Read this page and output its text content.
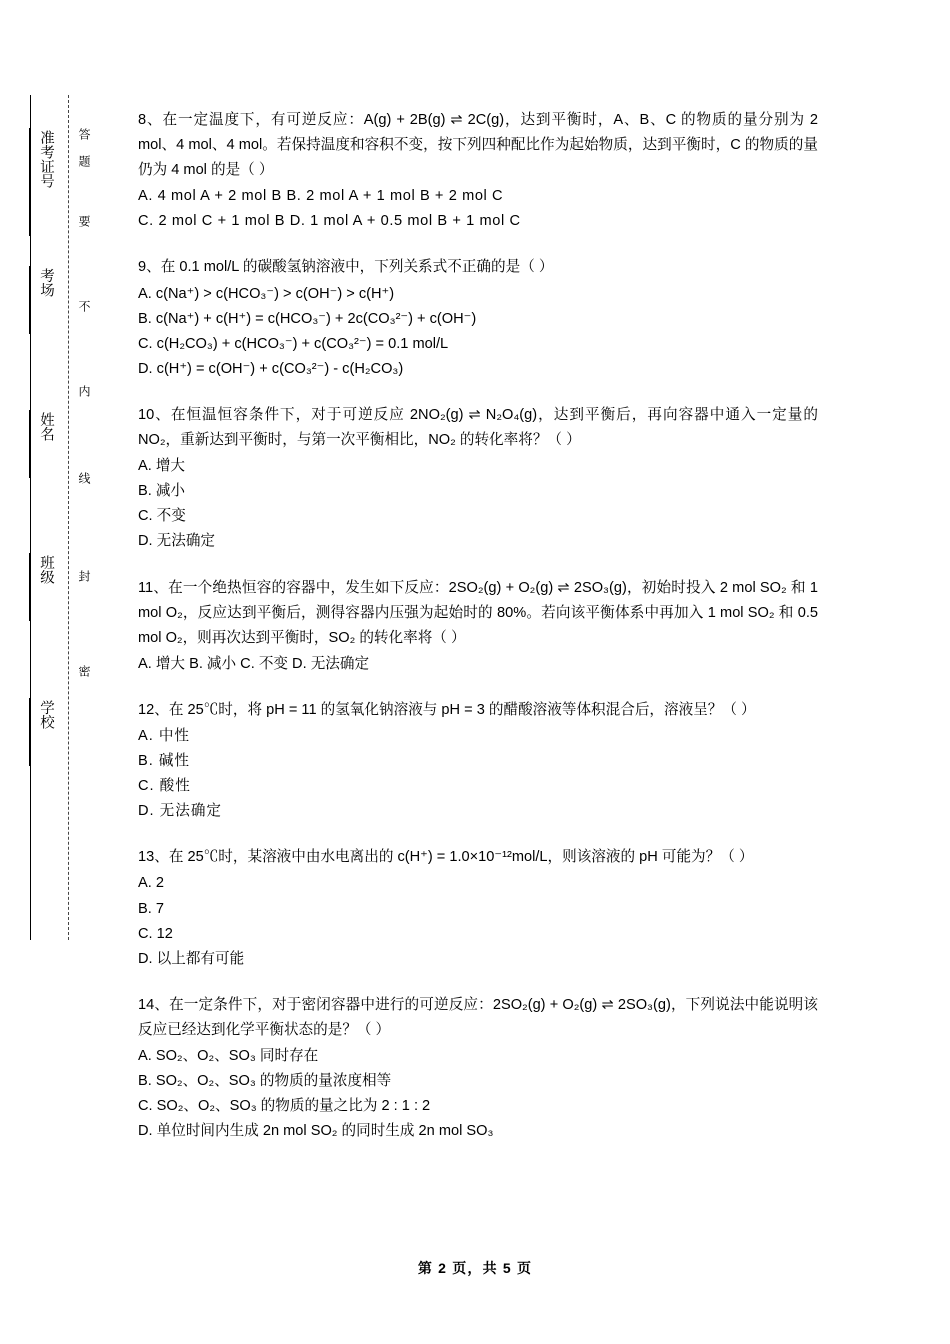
答
题
要
不
内
线
封
密
准考证号
考场
姓名
班级
学校
8、在一定温度下，有可逆反应：A(g) + 2B(g) ⇌ 2C(g)，达到平衡时，A、B、C 的物质的量分别为 2 mol、4 mol、4 mol。若保持温度和容积不变，按下列四种配比作为起始物质，达到平衡时，C 的物质的量仍为 4 mol 的是（ ）
A. 4 mol A + 2 mol B B. 2 mol A + 1 mol B + 2 mol C
C. 2 mol C + 1 mol B D. 1 mol A + 0.5 mol B + 1 mol C
9、在 0.1 mol/L 的碳酸氢钠溶液中，下列关系式不正确的是（ ）
A. c(Na⁺) > c(HCO₃⁻) > c(OH⁻) > c(H⁺)
B. c(Na⁺) + c(H⁺) = c(HCO₃⁻) + 2c(CO₃²⁻) + c(OH⁻)
C. c(H₂CO₃) + c(HCO₃⁻) + c(CO₃²⁻) = 0.1 mol/L
D. c(H⁺) = c(OH⁻) + c(CO₃²⁻) - c(H₂CO₃)
10、在恒温恒容条件下，对于可逆反应 2NO₂(g) ⇌ N₂O₄(g)，达到平衡后，再向容器中通入一定量的 NO₂，重新达到平衡时，与第一次平衡相比，NO₂ 的转化率将？（ ）
A. 增大
B. 减小
C. 不变
D. 无法确定
11、在一个绝热恒容的容器中，发生如下反应：2SO₂(g) + O₂(g) ⇌ 2SO₃(g)，初始时投入 2 mol SO₂ 和 1 mol O₂，反应达到平衡后，测得容器内压强为起始时的 80%。若向该平衡体系中再加入 1 mol SO₂ 和 0.5 mol O₂，则再次达到平衡时，SO₂ 的转化率将（ ）
A. 增大 B. 减小 C. 不变 D. 无法确定
12、在 25℃时，将 pH = 11 的氢氧化钠溶液与 pH = 3 的醋酸溶液等体积混合后，溶液呈？（ ）
A. 中性
B. 碱性
C. 酸性
D. 无法确定
13、在 25℃时，某溶液中由水电离出的 c(H⁺) = 1.0×10⁻¹²mol/L，则该溶液的 pH 可能为？（ ）
A. 2
B. 7
C. 12
D. 以上都有可能
14、在一定条件下，对于密闭容器中进行的可逆反应：2SO₂(g) + O₂(g) ⇌ 2SO₃(g)，下列说法中能说明该反应已经达到化学平衡状态的是？（ ）
A. SO₂、O₂、SO₃ 同时存在
B. SO₂、O₂、SO₃ 的物质的量浓度相等
C. SO₂、O₂、SO₃ 的物质的量之比为 2 : 1 : 2
D. 单位时间内生成 2n mol SO₂ 的同时生成 2n mol SO₃
第 2 页，共 5 页
